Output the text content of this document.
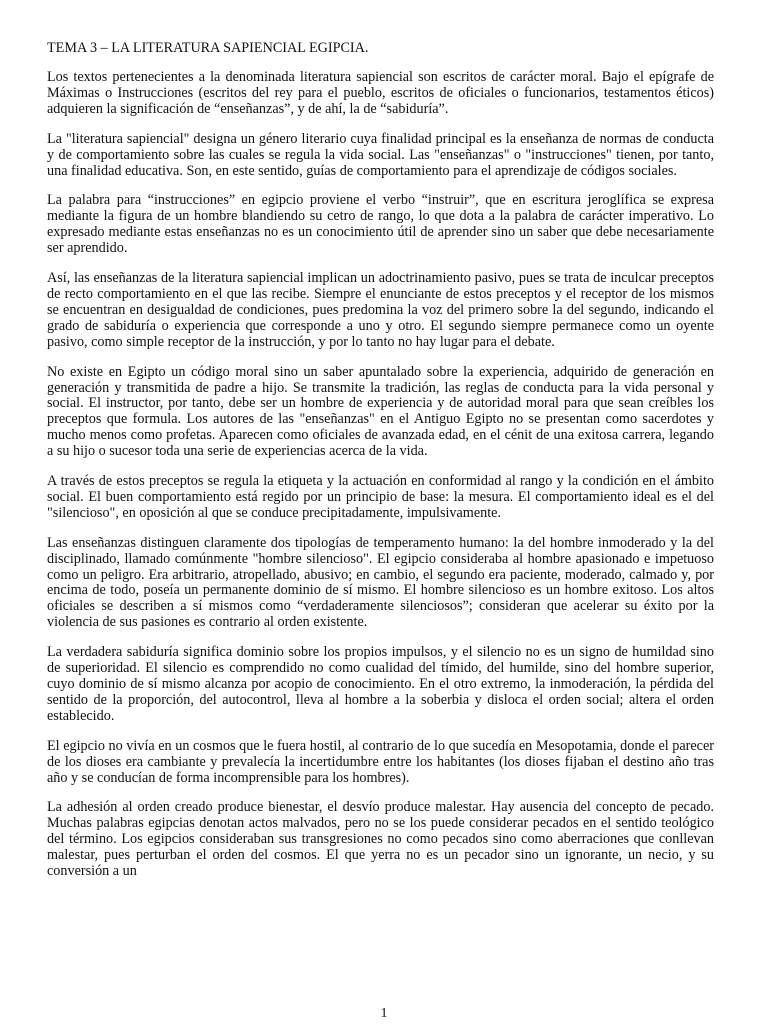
TEMA 3 – LA LITERATURA SAPIENCIAL EGIPCIA.

Los textos pertenecientes a la denominada literatura sapiencial son escritos de carácter moral. Bajo el epígrafe de Máximas o Instrucciones (escritos del rey para el pueblo, escritos de oficiales o funcionarios, testamentos éticos) adquieren la significación de “enseñanzas”, y de ahí, la de “sabiduría”.

La "literatura sapiencial" designa un género literario cuya finalidad principal es la enseñanza de normas de conducta y de comportamiento sobre las cuales se regula la vida social. Las "enseñanzas" o "instrucciones" tienen, por tanto, una finalidad educativa. Son, en este sentido, guías de comportamiento para el aprendizaje de códigos sociales.

La palabra para “instrucciones” en egipcio proviene el verbo “instruir”, que en escritura jeroglífica se expresa mediante la figura de un hombre blandiendo su cetro de rango, lo que dota a la palabra de carácter imperativo. Lo expresado mediante estas enseñanzas no es un conocimiento útil de aprender sino un saber que debe necesariamente ser aprendido.

Así, las enseñanzas de la literatura sapiencial implican un adoctrinamiento pasivo, pues se trata de inculcar preceptos de recto comportamiento en el que las recibe. Siempre el enunciante de estos preceptos y el receptor de los mismos se encuentran en desigualdad de condiciones, pues predomina la voz del primero sobre la del segundo, indicando el grado de sabiduría o experiencia que corresponde a uno y otro. El segundo siempre permanece como un oyente pasivo, como simple receptor de la instrucción, y por lo tanto no hay lugar para el debate.

No existe en Egipto un código moral sino un saber apuntalado sobre la experiencia, adquirido de generación en generación y transmitida de padre a hijo. Se transmite la tradición, las reglas de conducta para la vida personal y social. El instructor, por tanto, debe ser un hombre de experiencia y de autoridad moral para que sean creíbles los preceptos que formula. Los autores de las "enseñanzas" en el Antiguo Egipto no se presentan como sacerdotes y mucho menos como profetas. Aparecen como oficiales de avanzada edad, en el cénit de una exitosa carrera, legando a su hijo o sucesor toda una serie de experiencias acerca de la vida.

A través de estos preceptos se regula la etiqueta y la actuación en conformidad al rango y la condición en el ámbito social. El buen comportamiento está regido por un principio de base: la mesura. El comportamiento ideal es el del "silencioso", en oposición al que se conduce precipitadamente, impulsivamente.

Las enseñanzas distinguen claramente dos tipologías de temperamento humano: la del hombre inmoderado y la del disciplinado, llamado comúnmente "hombre silencioso". El egipcio consideraba al hombre apasionado e impetuoso como un peligro. Era arbitrario, atropellado, abusivo; en cambio, el segundo era paciente, moderado, calmado y, por encima de todo, poseía un permanente dominio de sí mismo. El hombre silencioso es un hombre exitoso. Los altos oficiales se describen a sí mismos como “verdaderamente silenciosos”; consideran que acelerar su éxito por la violencia de sus pasiones es contrario al orden existente.

La verdadera sabiduría significa dominio sobre los propios impulsos, y el silencio no es un signo de humildad sino de superioridad. El silencio es comprendido no como cualidad del tímido, del humilde, sino del hombre superior, cuyo dominio de sí mismo alcanza por acopio de conocimiento. En el otro extremo, la inmoderación, la pérdida del sentido de la proporción, del autocontrol, lleva al hombre a la soberbia y disloca el orden social; altera el orden establecido.

El egipcio no vivía en un cosmos que le fuera hostil, al contrario de lo que sucedía en Mesopotamia, donde el parecer de los dioses era cambiante y prevalecía la incertidumbre entre los habitantes (los dioses fijaban el destino año tras año y se conducían de forma incomprensible para los hombres).

La adhesión al orden creado produce bienestar, el desvío produce malestar. Hay ausencia del concepto de pecado. Muchas palabras egipcias denotan actos malvados, pero no se los puede considerar pecados en el sentido teológico del término. Los egipcios consideraban sus transgresiones no como pecados sino como aberraciones que conllevan malestar, pues perturban el orden del cosmos. El que yerra no es un pecador sino un ignorante, un necio, y su conversión a un

1
